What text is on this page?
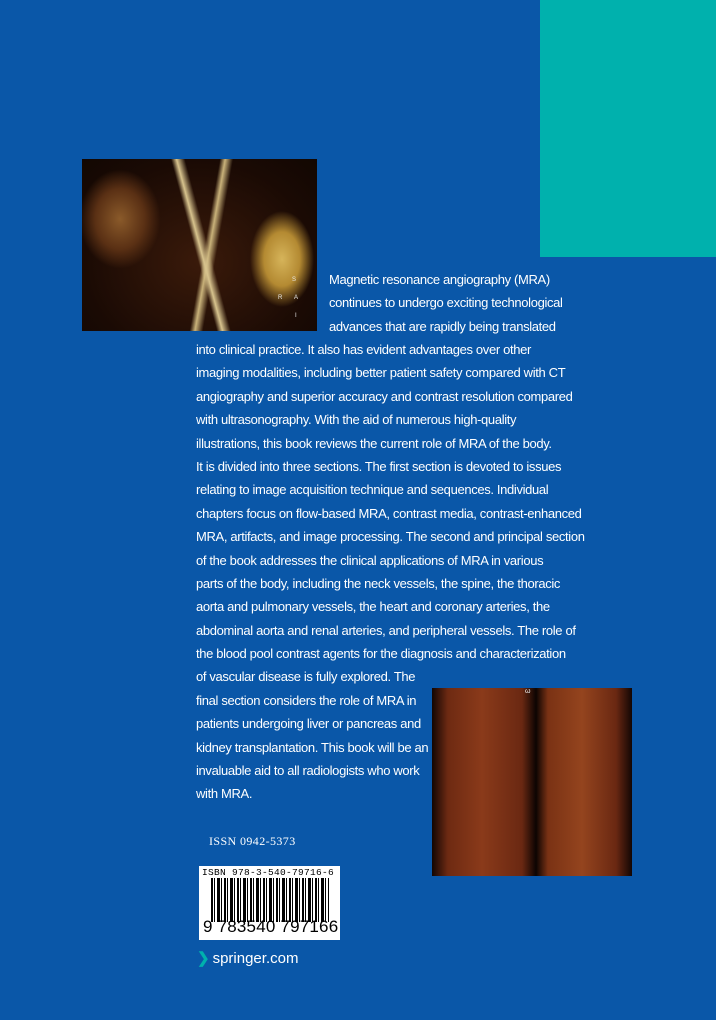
S
R A
I
Magnetic resonance angiography (MRA)
continues to undergo exciting technological
advances that are rapidly being translated
into clinical practice. It also has evident advantages over other
imaging modalities, including better patient safety compared with CT
angiography and superior accuracy and contrast resolution compared
with ultrasonography. With the aid of numerous high-quality
illustrations, this book reviews the current role of MRA of the body.
It is divided into three sections. The first section is devoted to issues
relating to image acquisition technique and sequences. Individual
chapters focus on flow-based MRA, contrast media, contrast-enhanced
MRA, artifacts, and image processing. The second and principal section
of the book addresses the clinical applications of MRA in various
parts of the body, including the neck vessels, the spine, the thoracic
aorta and pulmonary vessels, the heart and coronary arteries, the
abdominal aorta and renal arteries, and peripheral vessels. The role of
the blood pool contrast agents for the diagnosis and characterization
of vascular disease is fully explored. The
final section considers the role of MRA in
patients undergoing liver or pancreas and
kidney transplantation. This book will be an
invaluable aid to all radiologists who work
with MRA.
ω
ISSN 0942-5373
ISBN 978-3-540-79716-6
9 783540 797166
❯ springer.com
